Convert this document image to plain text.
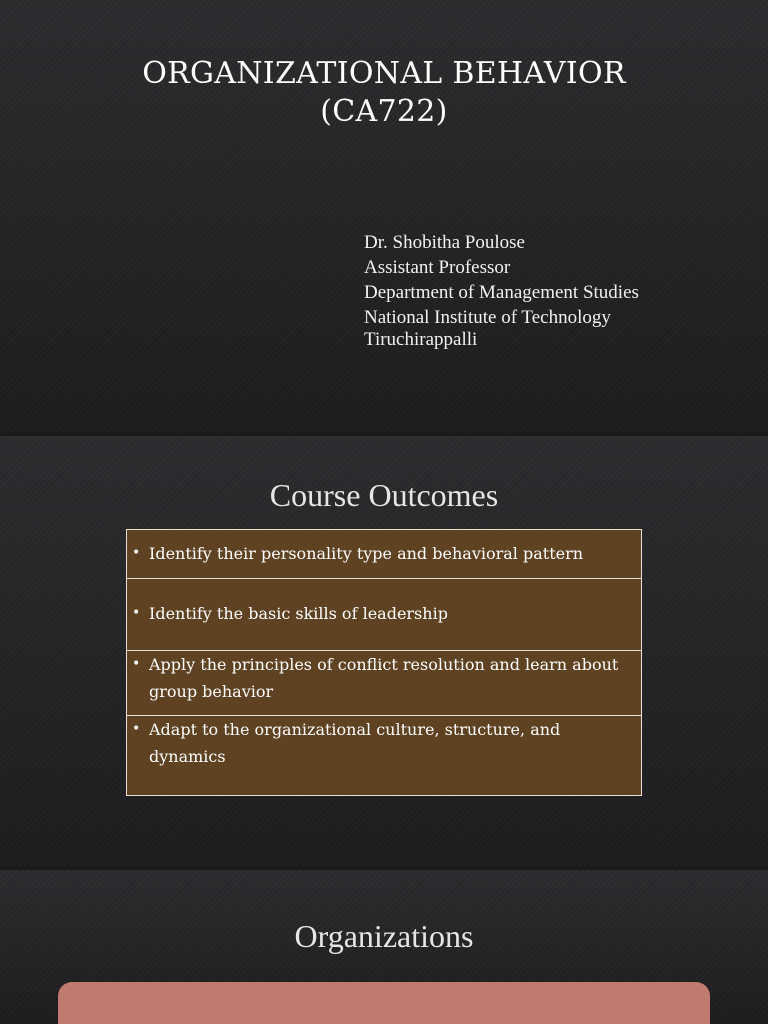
ORGANIZATIONAL BEHAVIOR
(CA722)
Dr. Shobitha Poulose
Assistant Professor
Department of Management Studies
National Institute of Technology
Tiruchirappalli
Course Outcomes
• Identify their personality type and behavioral pattern
• Identify the basic skills of leadership
• Apply the principles of conflict resolution and learn about group behavior
• Adapt to the organizational culture, structure, and dynamics
Organizations
